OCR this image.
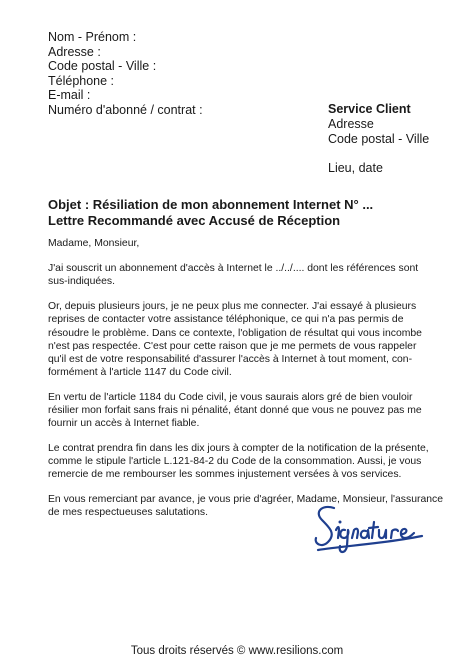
Nom - Prénom :
Adresse :
Code postal - Ville :
Téléphone :
E-mail :
Numéro d'abonné / contrat :	Service Client
Adresse
Code postal - Ville
Lieu, date
Objet : Résiliation de mon abonnement Internet N° ...
Lettre Recommandé avec Accusé de Réception

Madame, Monsieur,

J'ai souscrit un abonnement d'accès à Internet le ../../.... dont les références sont
sus-indiquées.

Or, depuis plusieurs jours, je ne peux plus me connecter. J'ai essayé à plusieurs
reprises de contacter votre assistance téléphonique, ce qui n'a pas permis de
résoudre le problème. Dans ce contexte, l'obligation de résultat qui vous incombe
n'est pas respectée. C'est pour cette raison que je me permets de vous rappeler
qu'il est de votre responsabilité d'assurer l'accès à Internet à tout moment, con-
formément à l'article 1147 du Code civil.

En vertu de l'article 1184 du Code civil, je vous saurais alors gré de bien vouloir
résilier mon forfait sans frais ni pénalité, étant donné que vous ne pouvez pas me
fournir un accès à Internet fiable.

Le contrat prendra fin dans les dix jours à compter de la notification de la présente,
comme le stipule l'article L.121-84-2 du Code de la consommation. Aussi, je vous
remercie de me rembourser les sommes injustement versées à vos services.

En vous remerciant par avance, je vous prie d'agréer, Madame, Monsieur, l'assurance
de mes respectueuses salutations.

Tous droits réservés © www.resilions.com
